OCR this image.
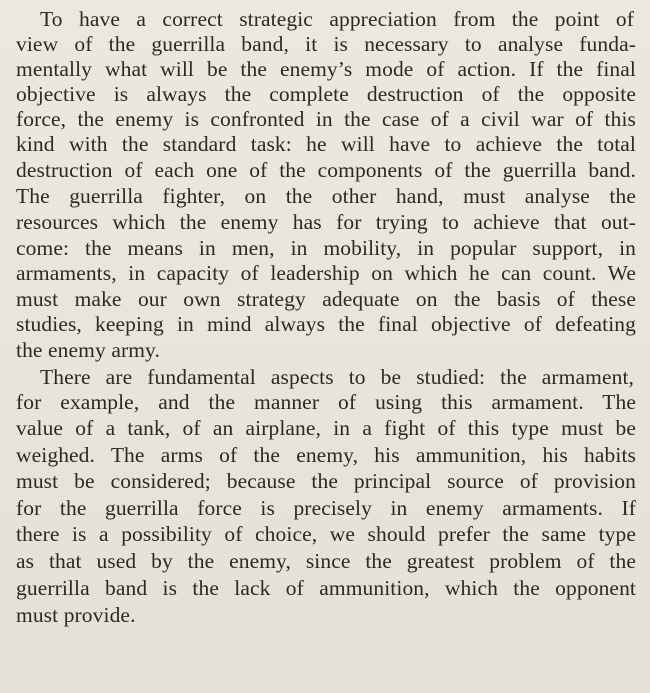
To have a correct strategic appreciation from the point of
view of the guerrilla band, it is necessary to analyse funda-
mentally what will be the enemy’s mode of action. If the final
objective is always the complete destruction of the opposite
force, the enemy is confronted in the case of a civil war of this
kind with the standard task: he will have to achieve the total
destruction of each one of the components of the guerrilla band.
The guerrilla fighter, on the other hand, must analyse the
resources which the enemy has for trying to achieve that out-
come: the means in men, in mobility, in popular support, in
armaments, in capacity of leadership on which he can count. We
must make our own strategy adequate on the basis of these
studies, keeping in mind always the final objective of defeating
the enemy army.
There are fundamental aspects to be studied: the armament,
for example, and the manner of using this armament. The
value of a tank, of an airplane, in a fight of this type must be
weighed. The arms of the enemy, his ammunition, his habits
must be considered; because the principal source of provision
for the guerrilla force is precisely in enemy armaments. If
there is a possibility of choice, we should prefer the same type
as that used by the enemy, since the greatest problem of the
guerrilla band is the lack of ammunition, which the opponent
must provide.
